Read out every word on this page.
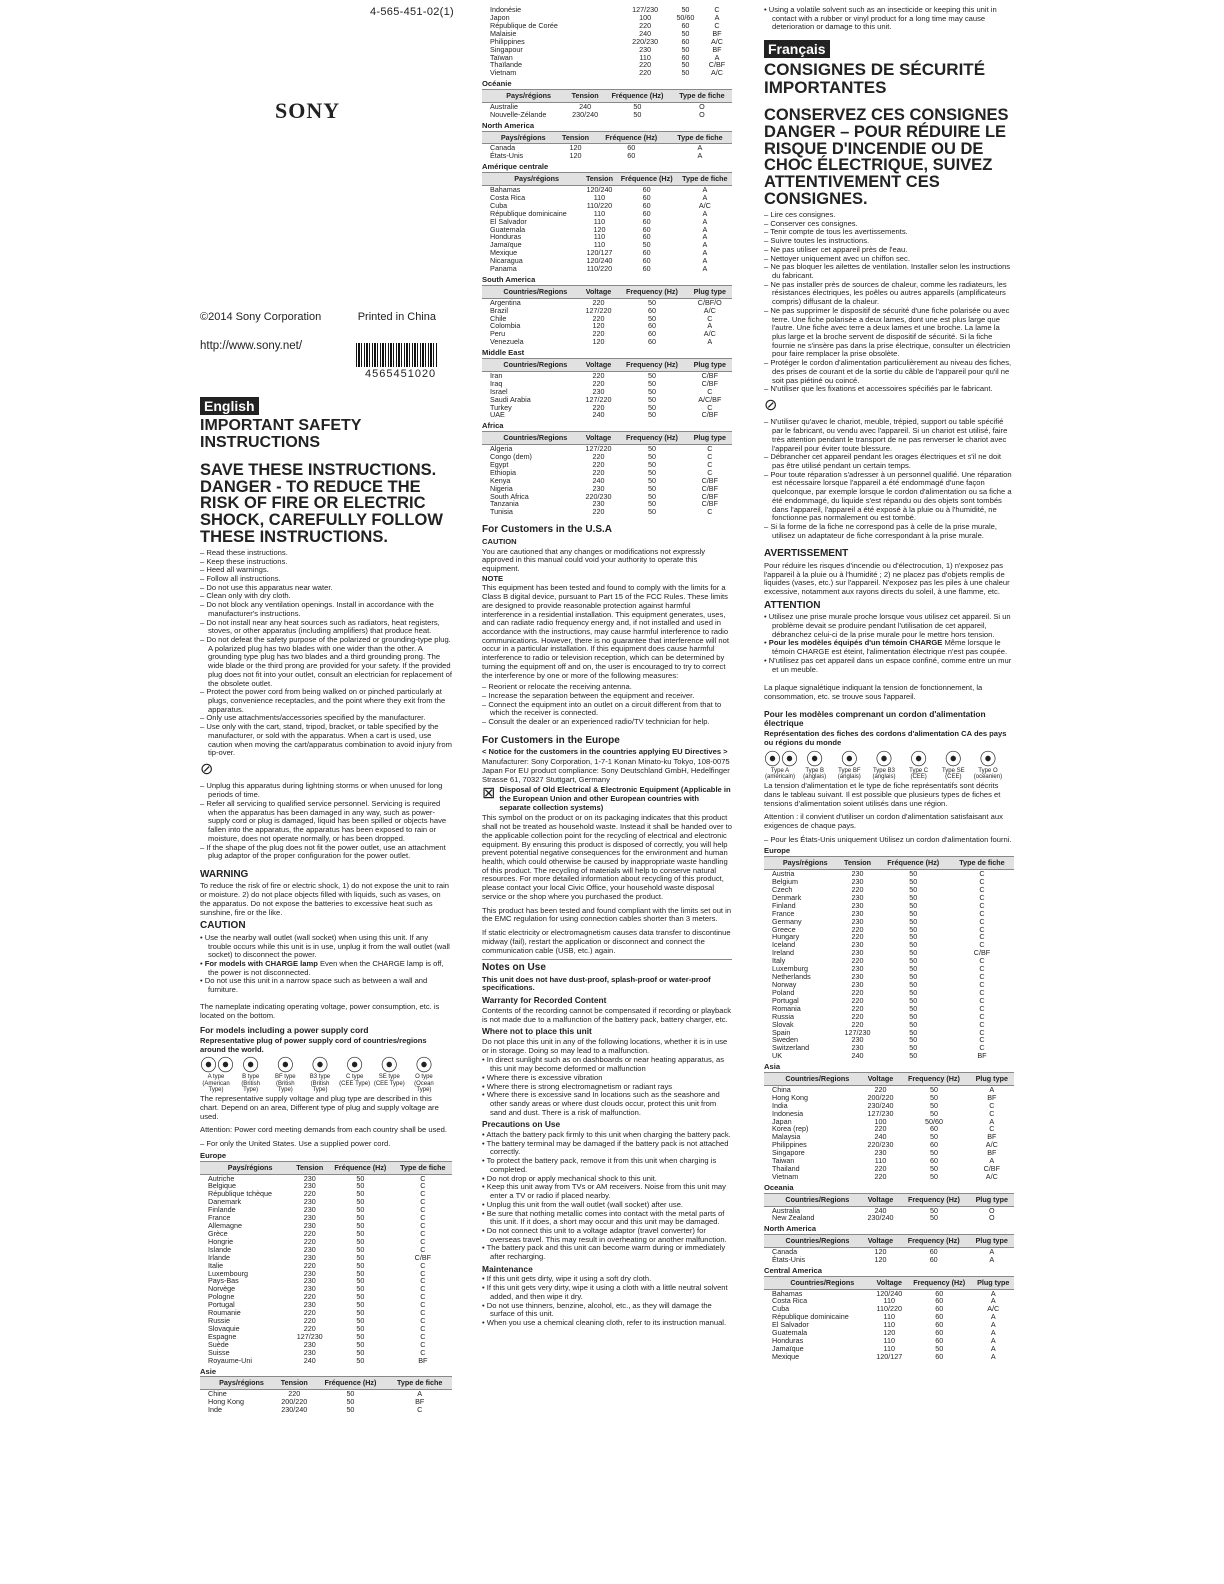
4-565-451-02(1)
SONY
©2014 Sony Corporation	Printed in China
http://www.sony.net/
4565451020
English
IMPORTANT SAFETY INSTRUCTIONS
SAVE THESE INSTRUCTIONS. DANGER - TO REDUCE THE RISK OF FIRE OR ELECTRIC SHOCK, CAREFULLY FOLLOW THESE INSTRUCTIONS.
– Read these instructions.
– Keep these instructions.
– Heed all warnings.
– Follow all instructions.
– Do not use this apparatus near water.
– Clean only with dry cloth.
– Do not block any ventilation openings. Install in accordance with the manufacturer's instructions.
– Do not install near any heat sources such as radiators, heat registers, stoves, or other apparatus (including amplifiers) that produce heat.
– Do not defeat the safety purpose of the polarized or grounding-type plug. A polarized plug has two blades with one wider than the other. A grounding type plug has two blades and a third grounding prong. The wide blade or the third prong are provided for your safety. If the provided plug does not fit into your outlet, consult an electrician for replacement of the obsolete outlet.
– Protect the power cord from being walked on or pinched particularly at plugs, convenience receptacles, and the point where they exit from the apparatus.
– Only use attachments/accessories specified by the manufacturer.
– Use only with the cart, stand, tripod, bracket, or table specified by the manufacturer, or sold with the apparatus. When a cart is used, use caution when moving the cart/apparatus combination to avoid injury from tip-over.
⊘
– Unplug this apparatus during lightning storms or when unused for long periods of time.
– Refer all servicing to qualified service personnel. Servicing is required when the apparatus has been damaged in any way, such as power-supply cord or plug is damaged, liquid has been spilled or objects have fallen into the apparatus, the apparatus has been exposed to rain or moisture, does not operate normally, or has been dropped.
– If the shape of the plug does not fit the power outlet, use an attachment plug adaptor of the proper configuration for the power outlet.
WARNING

To reduce the risk of fire or electric shock, 1) do not expose the unit to rain or moisture. 2) do not place objects filled with liquids, such as vases, on the apparatus. Do not expose the batteries to excessive heat such as sunshine, fire or the like.

CAUTION
• Use the nearby wall outlet (wall socket) when using this unit. If any trouble occurs while this unit is in use, unplug it from the wall outlet (wall socket) to disconnect the power.
• For models with CHARGE lamp Even when the CHARGE lamp is off, the power is not disconnected.
• Do not use this unit in a narrow space such as between a wall and furniture.

The nameplate indicating operating voltage, power consumption, etc. is located on the bottom.

For models including a power supply cord
Representative plug of power supply cord of countries/regions around the world.
⦿⦿
A type (American Type)
⦿
B type (British Type)
⦿
BF type (British Type)
⦿
B3 type (British Type)
⦿
C type (CEE Type)
⦿
SE type (CEE Type)
⦿
O type (Ocean Type)

The representative supply voltage and plug type are described in this chart. Depend on an area, Different type of plug and supply voltage are used.

Attention: Power cord meeting demands from each country shall be used.

– For only the United States. Use a supplied power cord.

Europe
Pays/régions	Tension	Fréquence (Hz)	Type de fiche
Autriche	230	50	C
Belgique	230	50	C
République tchèque	220	50	C
Danemark	230	50	C
Finlande	230	50	C
France	230	50	C
Allemagne	230	50	C
Grèce	220	50	C
Hongrie	220	50	C
Islande	230	50	C
Irlande	230	50	C/BF
Italie	220	50	C
Luxembourg	230	50	C
Pays-Bas	230	50	C
Norvège	230	50	C
Pologne	220	50	C
Portugal	230	50	C
Roumanie	220	50	C
Russie	220	50	C
Slovaquie	220	50	C
Espagne	127/230	50	C
Suède	230	50	C
Suisse	230	50	C
Royaume-Uni	240	50	BF
Asie
Pays/régions	Tension	Fréquence (Hz)	Type de fiche
Chine	220	50	A
Hong Kong	200/220	50	BF
Inde	230/240	50	C
Indonésie	127/230	50	C
Japon	100	50/60	A
République de Corée	220	60	C
Malaisie	240	50	BF
Philippines	220/230	60	A/C
Singapour	230	50	BF
Taïwan	110	60	A
Thaïlande	220	50	C/BF
Vietnam	220	50	A/C
Océanie
Pays/régions	Tension	Fréquence (Hz)	Type de fiche
Australie	240	50	O
Nouvelle-Zélande	230/240	50	O
North America
Pays/régions	Tension	Fréquence (Hz)	Type de fiche
Canada	120	60	A
États-Unis	120	60	A
Amérique centrale
Pays/régions	Tension	Fréquence (Hz)	Type de fiche
Bahamas	120/240	60	A
Costa Rica	110	60	A
Cuba	110/220	60	A/C
République dominicaine	110	60	A
El Salvador	110	60	A
Guatemala	120	60	A
Honduras	110	60	A
Jamaïque	110	50	A
Mexique	120/127	60	A
Nicaragua	120/240	60	A
Panama	110/220	60	A
South America
Countries/Regions	Voltage	Frequency (Hz)	Plug type
Argentina	220	50	C/BF/O
Brazil	127/220	60	A/C
Chile	220	50	C
Colombia	120	60	A
Peru	220	60	A/C
Venezuela	120	60	A
Middle East
Countries/Regions	Voltage	Frequency (Hz)	Plug type
Iran	220	50	C/BF
Iraq	220	50	C/BF
Israel	230	50	C
Saudi Arabia	127/220	50	A/C/BF
Turkey	220	50	C
UAE	240	50	C/BF
Africa
Countries/Regions	Voltage	Frequency (Hz)	Plug type
Algeria	127/220	50	C
Congo (dem)	220	50	C
Egypt	220	50	C
Ethiopia	220	50	C
Kenya	240	50	C/BF
Nigeria	230	50	C/BF
South Africa	220/230	50	C/BF
Tanzania	230	50	C/BF
Tunisia	220	50	C
For Customers in the U.S.A
CAUTION

You are cautioned that any changes or modifications not expressly approved in this manual could void your authority to operate this equipment.

NOTE

This equipment has been tested and found to comply with the limits for a Class B digital device, pursuant to Part 15 of the FCC Rules. These limits are designed to provide reasonable protection against harmful interference in a residential installation. This equipment generates, uses, and can radiate radio frequency energy and, if not installed and used in accordance with the instructions, may cause harmful interference to radio communications. However, there is no guarantee that interference will not occur in a particular installation. If this equipment does cause harmful interference to radio or television reception, which can be determined by turning the equipment off and on, the user is encouraged to try to correct the interference by one or more of the following measures:

– Reorient or relocate the receiving antenna.
– Increase the separation between the equipment and receiver.
– Connect the equipment into an outlet on a circuit different from that to which the receiver is connected.
– Consult the dealer or an experienced radio/TV technician for help.
For Customers in the Europe
< Notice for the customers in the countries applying EU Directives >

Manufacturer: Sony Corporation, 1-7-1 Konan Minato-ku Tokyo, 108-0075 Japan For EU product compliance: Sony Deutschland GmbH, Hedelfinger Strasse 61, 70327 Stuttgart, Germany

⊠ Disposal of Old Electrical & Electronic Equipment (Applicable in the European Union and other European countries with separate collection systems)

This symbol on the product or on its packaging indicates that this product shall not be treated as household waste. Instead it shall be handed over to the applicable collection point for the recycling of electrical and electronic equipment. By ensuring this product is disposed of correctly, you will help prevent potential negative consequences for the environment and human health, which could otherwise be caused by inappropriate waste handling of this product. The recycling of materials will help to conserve natural resources. For more detailed information about recycling of this product, please contact your local Civic Office, your household waste disposal service or the shop where you purchased the product.

This product has been tested and found compliant with the limits set out in the EMC regulation for using connection cables shorter than 3 meters.

If static electricity or electromagnetism causes data transfer to discontinue midway (fail), restart the application or disconnect and connect the communication cable (USB, etc.) again.

Notes on Use
This unit does not have dust-proof, splash-proof or water-proof specifications.
Warranty for Recorded Content

Contents of the recording cannot be compensated if recording or playback is not made due to a malfunction of the battery pack, battery charger, etc.

Where not to place this unit

Do not place this unit in any of the following locations, whether it is in use or in storage. Doing so may lead to a malfunction.

• In direct sunlight such as on dashboards or near heating apparatus, as this unit may become deformed or malfunction
• Where there is excessive vibration
• Where there is strong electromagnetism or radiant rays
• Where there is excessive sand In locations such as the seashore and other sandy areas or where dust clouds occur, protect this unit from sand and dust. There is a risk of malfunction.
Precautions on Use
• Attach the battery pack firmly to this unit when charging the battery pack.
• The battery terminal may be damaged if the battery pack is not attached correctly.
• To protect the battery pack, remove it from this unit when charging is completed.
• Do not drop or apply mechanical shock to this unit.
• Keep this unit away from TVs or AM receivers. Noise from this unit may enter a TV or radio if placed nearby.
• Unplug this unit from the wall outlet (wall socket) after use.
• Be sure that nothing metallic comes into contact with the metal parts of this unit. If it does, a short may occur and this unit may be damaged.
• Do not connect this unit to a voltage adaptor (travel converter) for overseas travel. This may result in overheating or another malfunction.
• The battery pack and this unit can become warm during or immediately after recharging.
Maintenance
• If this unit gets dirty, wipe it using a soft dry cloth.
• If this unit gets very dirty, wipe it using a cloth with a little neutral solvent added, and then wipe it dry.
• Do not use thinners, benzine, alcohol, etc., as they will damage the surface of this unit.
• When you use a chemical cleaning cloth, refer to its instruction manual.
• Using a volatile solvent such as an insecticide or keeping this unit in contact with a rubber or vinyl product for a long time may cause deterioration or damage to this unit.
Français
CONSIGNES DE SÉCURITÉ IMPORTANTES
CONSERVEZ CES CONSIGNES DANGER – POUR RÉDUIRE LE RISQUE D'INCENDIE OU DE CHOC ÉLECTRIQUE, SUIVEZ ATTENTIVEMENT CES CONSIGNES.
– Lire ces consignes.
– Conserver ces consignes.
– Tenir compte de tous les avertissements.
– Suivre toutes les instructions.
– Ne pas utiliser cet appareil près de l'eau.
– Nettoyer uniquement avec un chiffon sec.
– Ne pas bloquer les ailettes de ventilation. Installer selon les instructions du fabricant.
– Ne pas installer près de sources de chaleur, comme les radiateurs, les résistances électriques, les poêles ou autres appareils (amplificateurs compris) diffusant de la chaleur.
– Ne pas supprimer le dispositif de sécurité d'une fiche polarisée ou avec terre. Une fiche polarisée a deux lames, dont une est plus large que l'autre. Une fiche avec terre a deux lames et une broche. La lame la plus large et la broche servent de dispositif de sécurité. Si la fiche fournie ne s'insère pas dans la prise électrique, consulter un électricien pour faire remplacer la prise obsolète.
– Protéger le cordon d'alimentation particulièrement au niveau des fiches, des prises de courant et de la sortie du câble de l'appareil pour qu'il ne soit pas piétiné ou coincé.
– N'utiliser que les fixations et accessoires spécifiés par le fabricant.
⊘
– N'utiliser qu'avec le chariot, meuble, trépied, support ou table spécifié par le fabricant, ou vendu avec l'appareil. Si un chariot est utilisé, faire très attention pendant le transport de ne pas renverser le chariot avec l'appareil pour éviter toute blessure.
– Débrancher cet appareil pendant les orages électriques et s'il ne doit pas être utilisé pendant un certain temps.
– Pour toute réparation s'adresser à un personnel qualifié. Une réparation est nécessaire lorsque l'appareil a été endommagé d'une façon quelconque, par exemple lorsque le cordon d'alimentation ou sa fiche a été endommagé, du liquide s'est répandu ou des objets sont tombés dans l'appareil, l'appareil a été exposé à la pluie ou à l'humidité, ne fonctionne pas normalement ou est tombé.
– Si la forme de la fiche ne correspond pas à celle de la prise murale, utilisez un adaptateur de fiche correspondant à la prise murale.
AVERTISSEMENT

Pour réduire les risques d'incendie ou d'électrocution, 1) n'exposez pas l'appareil à la pluie ou à l'humidité ; 2) ne placez pas d'objets remplis de liquides (vases, etc.) sur l'appareil. N'exposez pas les piles à une chaleur excessive, notamment aux rayons directs du soleil, à une flamme, etc.

ATTENTION
• Utilisez une prise murale proche lorsque vous utilisez cet appareil. Si un problème devait se produire pendant l'utilisation de cet appareil, débranchez celui-ci de la prise murale pour le mettre hors tension.
• Pour les modèles équipés d'un témoin CHARGE Même lorsque le témoin CHARGE est éteint, l'alimentation électrique n'est pas coupée.
• N'utilisez pas cet appareil dans un espace confiné, comme entre un mur et un meuble.

La plaque signalétique indiquant la tension de fonctionnement, la consommation, etc. se trouve sous l'appareil.

Pour les modèles comprenant un cordon d'alimentation électrique
Représentation des fiches des cordons d'alimentation CA des pays ou régions du monde
⦿⦿
Type A (américain)
⦿
Type B (anglais)
⦿
Type BF (anglais)
⦿
Type B3 (anglais)
⦿
Type C (CEE)
⦿
Type SE (CEE)
⦿
Type O (océanien)

La tension d'alimentation et le type de fiche représentatifs sont décrits dans le tableau suivant. Il est possible que plusieurs types de fiches et tensions d'alimentation soient utilisés dans une région.

Attention : il convient d'utiliser un cordon d'alimentation satisfaisant aux exigences de chaque pays.

– Pour les États-Unis uniquement Utilisez un cordon d'alimentation fourni.

Europe
Pays/régions	Tension	Fréquence (Hz)	Type de fiche
Austria	230	50	C
Belgium	230	50	C
Czech	220	50	C
Denmark	230	50	C
Finland	230	50	C
France	230	50	C
Germany	230	50	C
Greece	220	50	C
Hungary	220	50	C
Iceland	230	50	C
Ireland	230	50	C/BF
Italy	220	50	C
Luxemburg	230	50	C
Netherlands	230	50	C
Norway	230	50	C
Poland	220	50	C
Portugal	220	50	C
Romania	220	50	C
Russia	220	50	C
Slovak	220	50	C
Spain	127/230	50	C
Sweden	230	50	C
Switzerland	230	50	C
UK	240	50	BF
Asia
Countries/Regions	Voltage	Frequency (Hz)	Plug type
China	220	50	A
Hong Kong	200/220	50	BF
India	230/240	50	C
Indonesia	127/230	50	C
Japan	100	50/60	A
Korea (rep)	220	60	C
Malaysia	240	50	BF
Philippines	220/230	60	A/C
Singapore	230	50	BF
Taiwan	110	60	A
Thailand	220	50	C/BF
Vietnam	220	50	A/C
Oceania
Countries/Regions	Voltage	Frequency (Hz)	Plug type
Australia	240	50	O
New Zealand	230/240	50	O
North America
Countries/Regions	Voltage	Frequency (Hz)	Plug type
Canada	120	60	A
États-Unis	120	60	A
Central America
Countries/Regions	Voltage	Frequency (Hz)	Plug type
Bahamas	120/240	60	A
Costa Rica	110	60	A
Cuba	110/220	60	A/C
République dominicaine	110	60	A
El Salvador	110	60	A
Guatemala	120	60	A
Honduras	110	60	A
Jamaïque	110	50	A
Mexique	120/127	60	A
